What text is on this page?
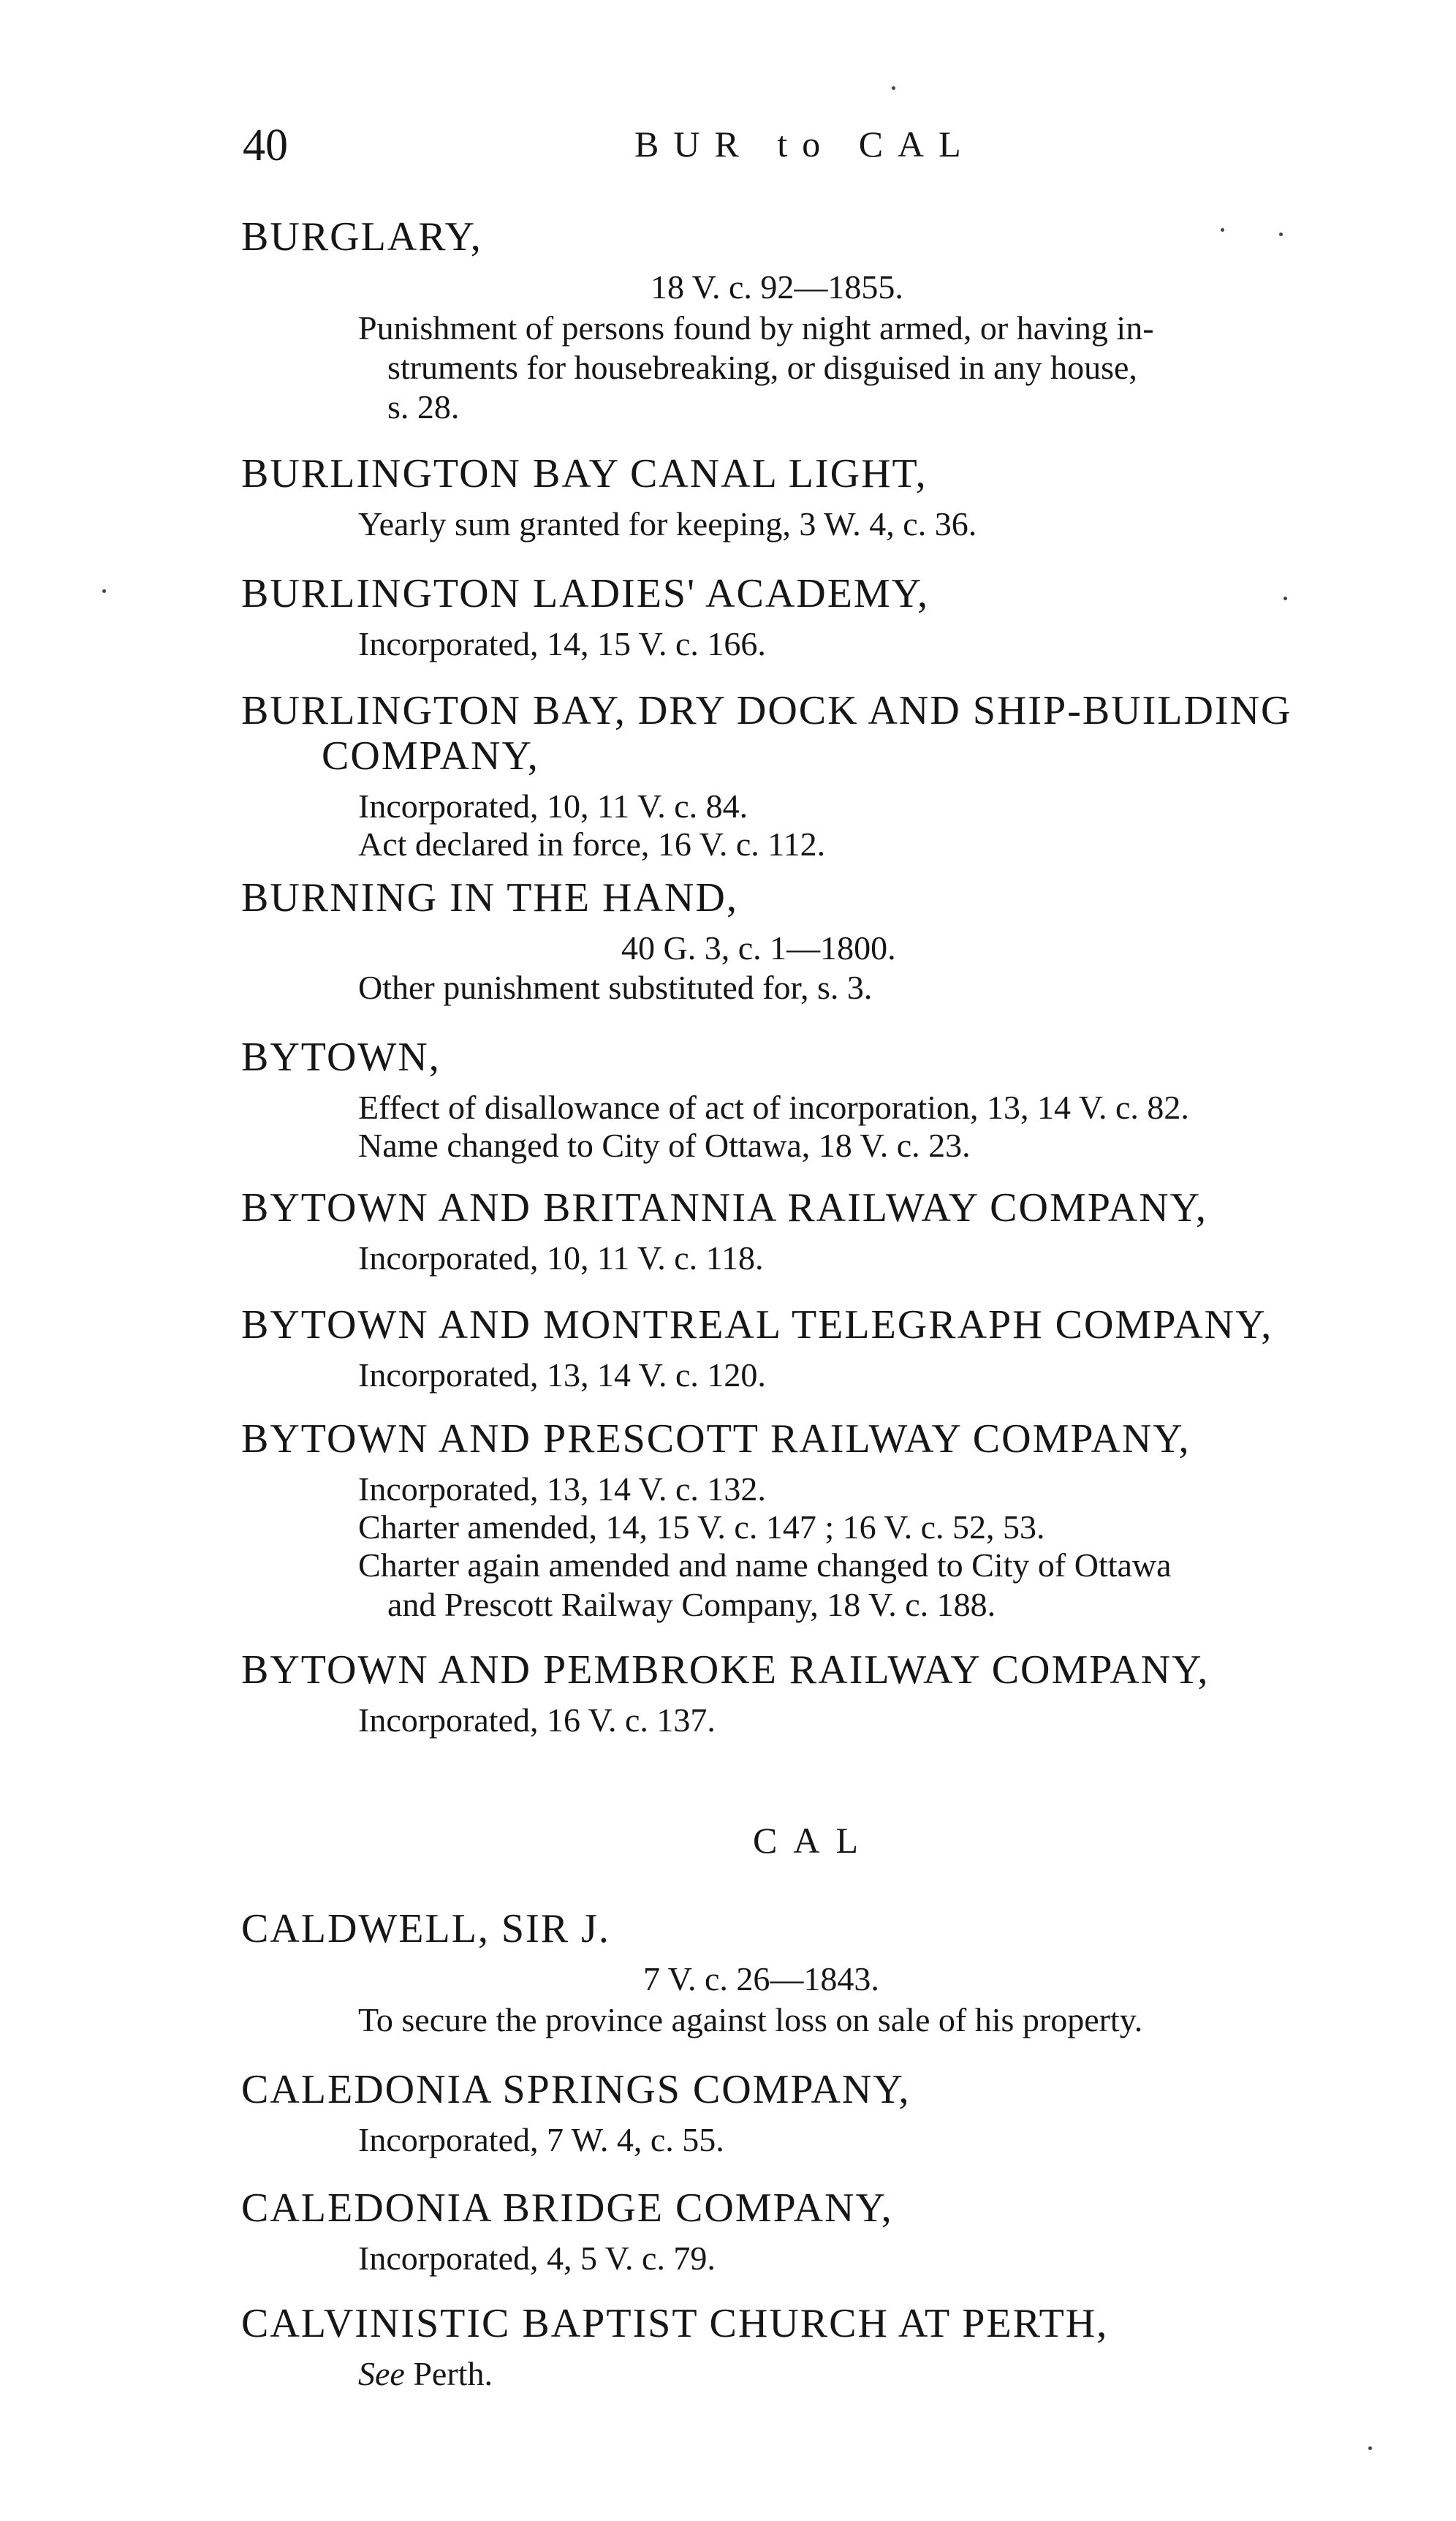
40	BUR to CAL
BURGLARY,
18 V. c. 92—1855.
Punishment of persons found by night armed, or having in-
struments for housebreaking, or disguised in any house,
s. 28.
BURLINGTON BAY CANAL LIGHT,
Yearly sum granted for keeping, 3 W. 4, c. 36.
BURLINGTON LADIES' ACADEMY,
Incorporated, 14, 15 V. c. 166.
BURLINGTON BAY, DRY DOCK AND SHIP-BUILDING
COMPANY,
Incorporated, 10, 11 V. c. 84.
Act declared in force, 16 V. c. 112.
BURNING IN THE HAND,
40 G. 3, c. 1—1800.
Other punishment substituted for, s. 3.
BYTOWN,
Effect of disallowance of act of incorporation, 13, 14 V. c. 82.
Name changed to City of Ottawa, 18 V. c. 23.
BYTOWN AND BRITANNIA RAILWAY COMPANY,
Incorporated, 10, 11 V. c. 118.
BYTOWN AND MONTREAL TELEGRAPH COMPANY,
Incorporated, 13, 14 V. c. 120.
BYTOWN AND PRESCOTT RAILWAY COMPANY,
Incorporated, 13, 14 V. c. 132.
Charter amended, 14, 15 V. c. 147 ; 16 V. c. 52, 53.
Charter again amended and name changed to City of Ottawa
and Prescott Railway Company, 18 V. c. 188.
BYTOWN AND PEMBROKE RAILWAY COMPANY,
Incorporated, 16 V. c. 137.
CAL
CALDWELL, SIR J.
7 V. c. 26—1843.
To secure the province against loss on sale of his property.
CALEDONIA SPRINGS COMPANY,
Incorporated, 7 W. 4, c. 55.
CALEDONIA BRIDGE COMPANY,
Incorporated, 4, 5 V. c. 79.
CALVINISTIC BAPTIST CHURCH AT PERTH,
See Perth.
